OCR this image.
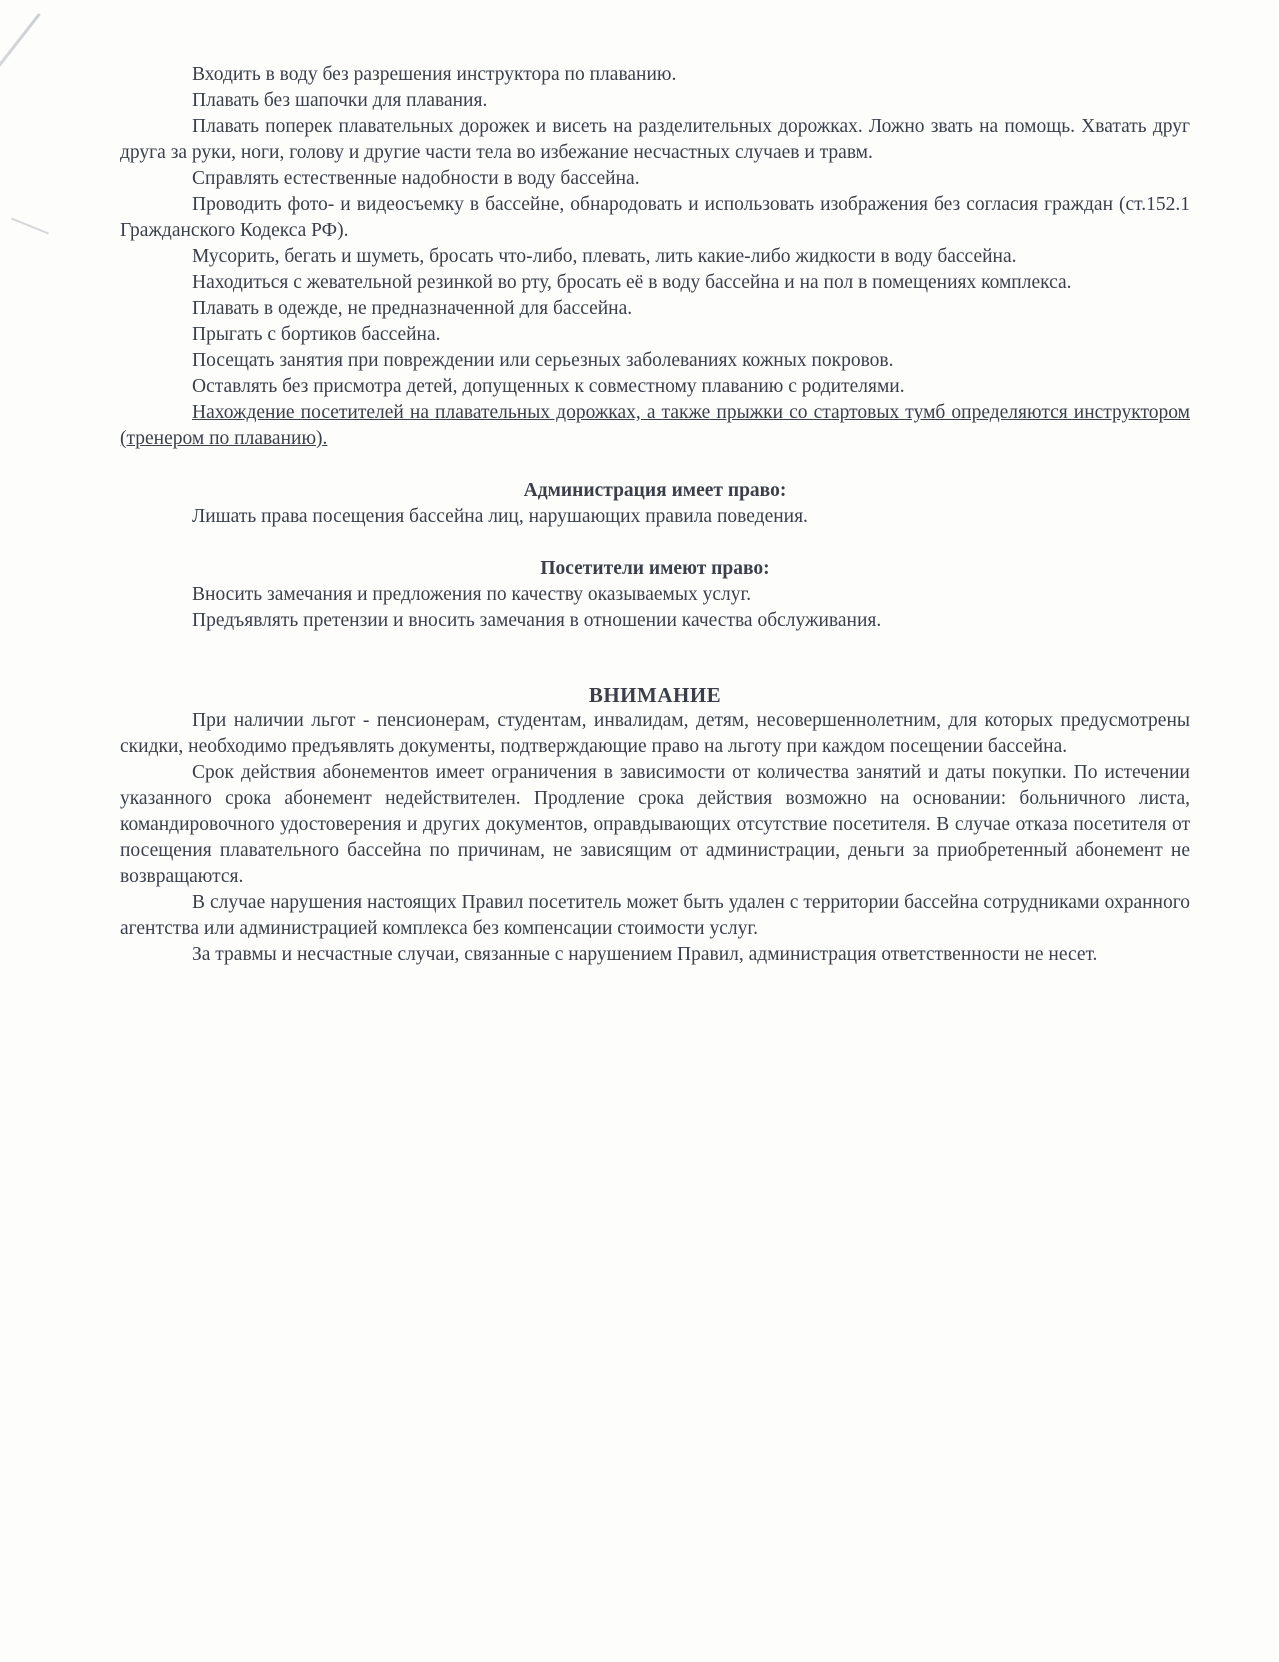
Входить в воду без разрешения инструктора по плаванию.

Плавать без шапочки для плавания.

Плавать поперек плавательных дорожек и висеть на разделительных дорожках. Ложно звать на помощь. Хватать друг друга за руки, ноги, голову и другие части тела во избежание несчастных случаев и травм.

Справлять естественные надобности в воду бассейна.

Проводить фото- и видеосъемку в бассейне, обнародовать и использовать изображения без согласия граждан (ст.152.1 Гражданского Кодекса РФ).

Мусорить, бегать и шуметь, бросать что-либо, плевать, лить какие-либо жидкости в воду бассейна.

Находиться с жевательной резинкой во рту, бросать её в воду бассейна и на пол в помещениях комплекса.

Плавать в одежде, не предназначенной для бассейна.

Прыгать с бортиков бассейна.

Посещать занятия при повреждении или серьезных заболеваниях кожных покровов.

Оставлять без присмотра детей, допущенных к совместному плаванию с родителями.

Нахождение посетителей на плавательных дорожках, а также прыжки со стартовых тумб определяются инструктором (тренером по плаванию).

Администрация имеет право:

Лишать права посещения бассейна лиц, нарушающих правила поведения.

Посетители имеют право:

Вносить замечания и предложения по качеству оказываемых услуг.

Предъявлять претензии и вносить замечания в отношении качества обслуживания.

ВНИМАНИЕ

При наличии льгот - пенсионерам, студентам, инвалидам, детям, несовершеннолетним, для которых предусмотрены скидки, необходимо предъявлять документы, подтверждающие право на льготу при каждом посещении бассейна.

Срок действия абонементов имеет ограничения в зависимости от количества занятий и даты покупки. По истечении указанного срока абонемент недействителен. Продление срока действия возможно на основании: больничного листа, командировочного удостоверения и других документов, оправдывающих отсутствие посетителя. В случае отказа посетителя от посещения плавательного бассейна по причинам, не зависящим от администрации, деньги за приобретенный абонемент не возвращаются.

В случае нарушения настоящих Правил посетитель может быть удален с территории бассейна сотрудниками охранного агентства или администрацией комплекса без компенсации стоимости услуг.

За травмы и несчастные случаи, связанные с нарушением Правил, администрация ответственности не несет.
